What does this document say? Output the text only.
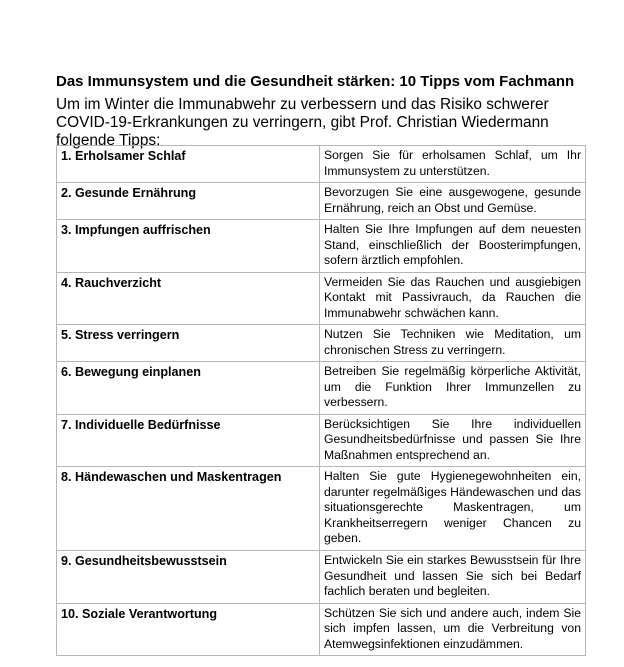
Das Immunsystem und die Gesundheit stärken: 10 Tipps vom Fachmann

Um im Winter die Immunabwehr zu verbessern und das Risiko schwerer COVID-19-Erkrankungen zu verringern, gibt Prof. Christian Wiedermann folgende Tipps:

1. Erholsamer Schlaf	Sorgen Sie für erholsamen Schlaf, um Ihr Immunsystem zu unterstützen.
2. Gesunde Ernährung	Bevorzugen Sie eine ausgewogene, gesunde Ernährung, reich an Obst und Gemüse.
3. Impfungen auffrischen	Halten Sie Ihre Impfungen auf dem neuesten Stand, einschließlich der Boosterimpfungen, sofern ärztlich empfohlen.
4. Rauchverzicht	Vermeiden Sie das Rauchen und ausgiebigen Kontakt mit Passivrauch, da Rauchen die Immunabwehr schwächen kann.
5. Stress verringern	Nutzen Sie Techniken wie Meditation, um chronischen Stress zu verringern.
6. Bewegung einplanen	Betreiben Sie regelmäßig körperliche Aktivität, um die Funktion Ihrer Immunzellen zu verbessern.
7. Individuelle Bedürfnisse	Berücksichtigen Sie Ihre individuellen Gesundheitsbedürfnisse und passen Sie Ihre Maßnahmen entsprechend an.
8. Händewaschen und Maskentragen	Halten Sie gute Hygienegewohnheiten ein, darunter regelmäßiges Händewaschen und das situationsgerechte Maskentragen, um Krankheitserregern weniger Chancen zu geben.
9. Gesundheitsbewusstsein	Entwickeln Sie ein starkes Bewusstsein für Ihre Gesundheit und lassen Sie sich bei Bedarf fachlich beraten und begleiten.
10. Soziale Verantwortung	Schützen Sie sich und andere auch, indem Sie sich impfen lassen, um die Verbreitung von Atemwegsinfektionen einzudämmen.
